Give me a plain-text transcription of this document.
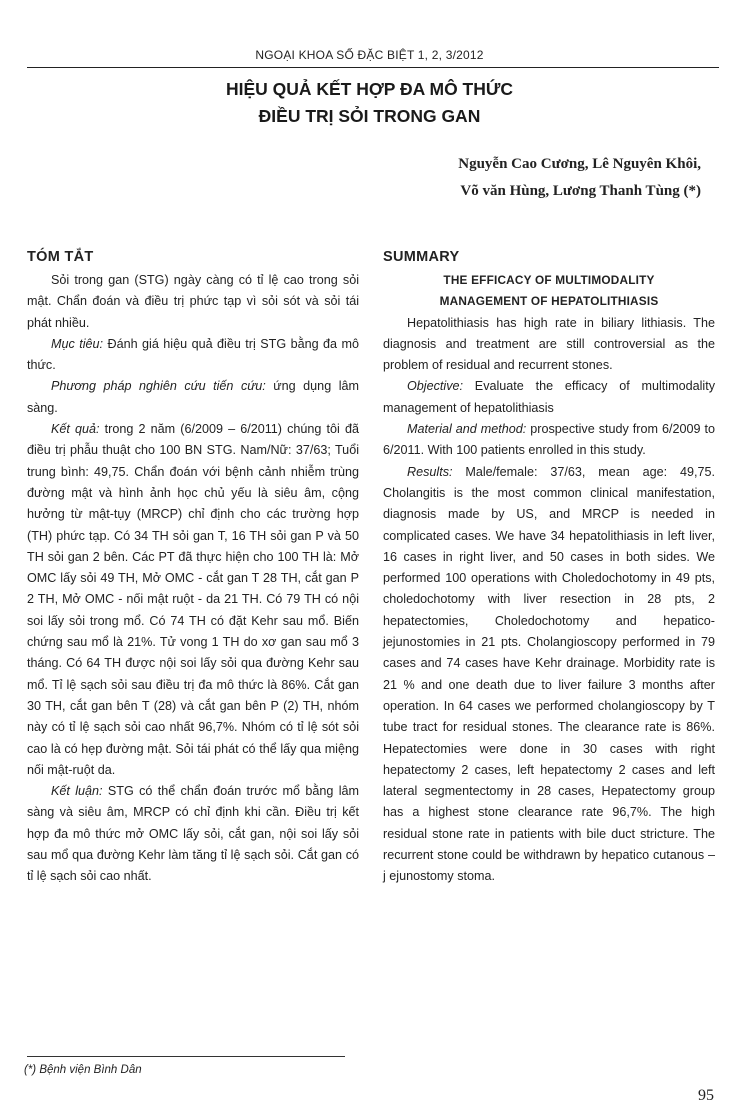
NGOẠI KHOA SỐ ĐẶC BIỆT 1, 2, 3/2012
HIỆU QUẢ KẾT HỢP ĐA MÔ THỨC
ĐIỀU TRỊ SỎI TRONG GAN
Nguyễn Cao Cương, Lê Nguyên Khôi,
Võ văn Hùng, Lương Thanh Tùng (*)
TÓM TẮT

Sỏi trong gan (STG) ngày càng có tỉ lệ cao trong sỏi mật. Chẩn đoán và điều trị phức tạp vì sỏi sót và sỏi tái phát nhiều.

Mục tiêu: Đánh giá hiệu quả điều trị STG bằng đa mô thức.

Phương pháp nghiên cứu tiến cứu: ứng dụng lâm sàng.

Kết quả: trong 2 năm (6/2009 – 6/2011) chúng tôi đã điều trị phẫu thuật cho 100 BN STG. Nam/Nữ: 37/63; Tuổi trung bình: 49,75. Chẩn đoán với bệnh cảnh nhiễm trùng đường mật và hình ảnh học chủ yếu là siêu âm, cộng hưởng từ mật-tụy (MRCP) chỉ định cho các trường hợp (TH) phức tạp. Có 34 TH sỏi gan T, 16 TH sỏi gan P và 50 TH sỏi gan 2 bên. Các PT đã thực hiện cho 100 TH là: Mở OMC lấy sỏi 49 TH, Mở OMC - cắt gan T 28 TH, cắt gan P 2 TH, Mở OMC - nối mật ruột - da 21 TH. Có 79 TH có nội soi lấy sỏi trong mổ. Có 74 TH có đặt Kehr sau mổ. Biến chứng sau mổ là 21%. Tử vong 1 TH do xơ gan sau mổ 3 tháng. Có 64 TH được nội soi lấy sỏi qua đường Kehr sau mổ. Tỉ lệ sạch sỏi sau điều trị đa mô thức là 86%. Cắt gan 30 TH, cắt gan bên T (28) và cắt gan bên P (2) TH, nhóm này có tỉ lệ sạch sỏi cao nhất 96,7%. Nhóm có tỉ lệ sót sỏi cao là có hẹp đường mật. Sỏi tái phát có thể lấy qua miệng nối mật-ruột da.

Kết luận: STG có thể chẩn đoán trước mổ bằng lâm sàng và siêu âm, MRCP có chỉ định khi cần. Điều trị kết hợp đa mô thức mở OMC lấy sỏi, cắt gan, nội soi lấy sỏi sau mổ qua đường Kehr làm tăng tỉ lệ sạch sỏi. Cắt gan có tỉ lệ sạch sỏi cao nhất.

SUMMARY
THE EFFICACY OF MULTIMODALITY
MANAGEMENT OF HEPATOLITHIASIS

Hepatolithiasis has high rate in biliary lithiasis. The diagnosis and treatment are still controversial as the problem of residual and recurrent stones.

Objective: Evaluate the efficacy of multimodality management of hepatolithiasis

Material and method: prospective study from 6/2009 to 6/2011. With 100 patients enrolled in this study.

Results: Male/female: 37/63, mean age: 49,75. Cholangitis is the most common clinical manifestation, diagnosis made by US, and MRCP is needed in complicated cases. We have 34 hepatolithiasis in left liver, 16 cases in right liver, and 50 cases in both sides. We performed 100 operations with Choledochotomy in 49 pts, choledochotomy with liver resection in 28 pts, 2 hepatectomies, Choledochotomy and hepatico-jejunostomies in 21 pts. Cholangioscopy performed in 79 cases and 74 cases have Kehr drainage. Morbidity rate is 21 % and one death due to liver failure 3 months after operation. In 64 cases we performed cholangioscopy by T tube tract for residual stones. The clearance rate is 86%. Hepatectomies were done in 30 cases with right hepatectomy 2 cases, left hepatectomy 2 cases and left lateral segmentectomy in 28 cases, Hepatectomy group has a highest stone clearance rate 96,7%. The high residual stone rate in patients with bile duct stricture. The recurrent stone could be withdrawn by hepatico cutanous – j ejunostomy stoma.

(*) Bệnh viện Bình Dân
95
